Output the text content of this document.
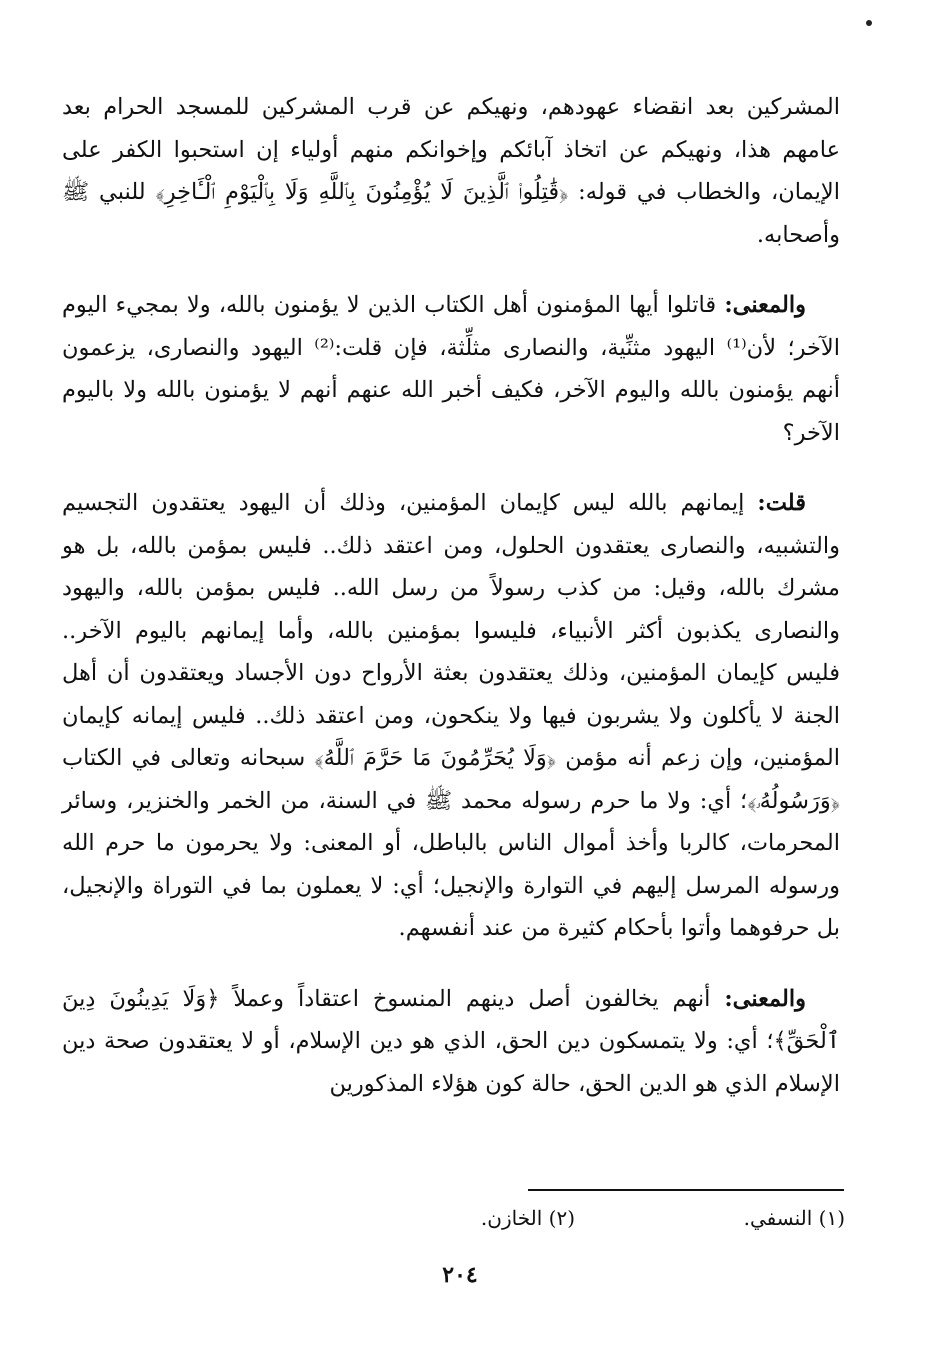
المشركين بعد انقضاء عهودهم، ونهيكم عن قرب المشركين للمسجد الحرام بعد عامهم هذا، ونهيكم عن اتخاذ آبائكم وإخوانكم منهم أولياء إن استحبوا الكفر على الإيمان، والخطاب في قوله: ﴿قَٰتِلُوا۟ ٱلَّذِينَ لَا يُؤْمِنُونَ بِٱللَّهِ وَلَا بِٱلْيَوْمِ ٱلْـَٔاخِرِ﴾ للنبي ﷺ وأصحابه.

والمعنى: قاتلوا أيها المؤمنون أهل الكتاب الذين لا يؤمنون بالله، ولا بمجيء اليوم الآخر؛ لأن⁽¹⁾ اليهود مثنِّية، والنصارى مثلِّثة، فإن قلت:⁽²⁾ اليهود والنصارى، يزعمون أنهم يؤمنون بالله واليوم الآخر، فكيف أخبر الله عنهم أنهم لا يؤمنون بالله ولا باليوم الآخر؟

قلت: إيمانهم بالله ليس كإيمان المؤمنين، وذلك أن اليهود يعتقدون التجسيم والتشبيه، والنصارى يعتقدون الحلول، ومن اعتقد ذلك.. فليس بمؤمن بالله، بل هو مشرك بالله، وقيل: من كذب رسولاً من رسل الله.. فليس بمؤمن بالله، واليهود والنصارى يكذبون أكثر الأنبياء، فليسوا بمؤمنين بالله، وأما إيمانهم باليوم الآخر.. فليس كإيمان المؤمنين، وذلك يعتقدون بعثة الأرواح دون الأجساد ويعتقدون أن أهل الجنة لا يأكلون ولا يشربون فيها ولا ينكحون، ومن اعتقد ذلك.. فليس إيمانه كإيمان المؤمنين، وإن زعم أنه مؤمن ﴿وَلَا يُحَرِّمُونَ مَا حَرَّمَ ٱللَّهُ﴾ سبحانه وتعالى في الكتاب ﴿وَرَسُولُهُۥ﴾؛ أي: ولا ما حرم رسوله محمد ﷺ في السنة، من الخمر والخنزير، وسائر المحرمات، كالربا وأخذ أموال الناس بالباطل، أو المعنى: ولا يحرمون ما حرم الله ورسوله المرسل إليهم في التوارة والإنجيل؛ أي: لا يعملون بما في التوراة والإنجيل، بل حرفوهما وأتوا بأحكام كثيرة من عند أنفسهم.

والمعنى: أنهم يخالفون أصل دينهم المنسوخ اعتقاداً وعملاً ﴿وَلَا يَدِينُونَ دِينَ ٱلْحَقِّ﴾؛ أي: ولا يتمسكون دين الحق، الذي هو دين الإسلام، أو لا يعتقدون صحة دين الإسلام الذي هو الدين الحق، حالة كون هؤلاء المذكورين

(١) النسفي.
(٢) الخازن.
٢٠٤
